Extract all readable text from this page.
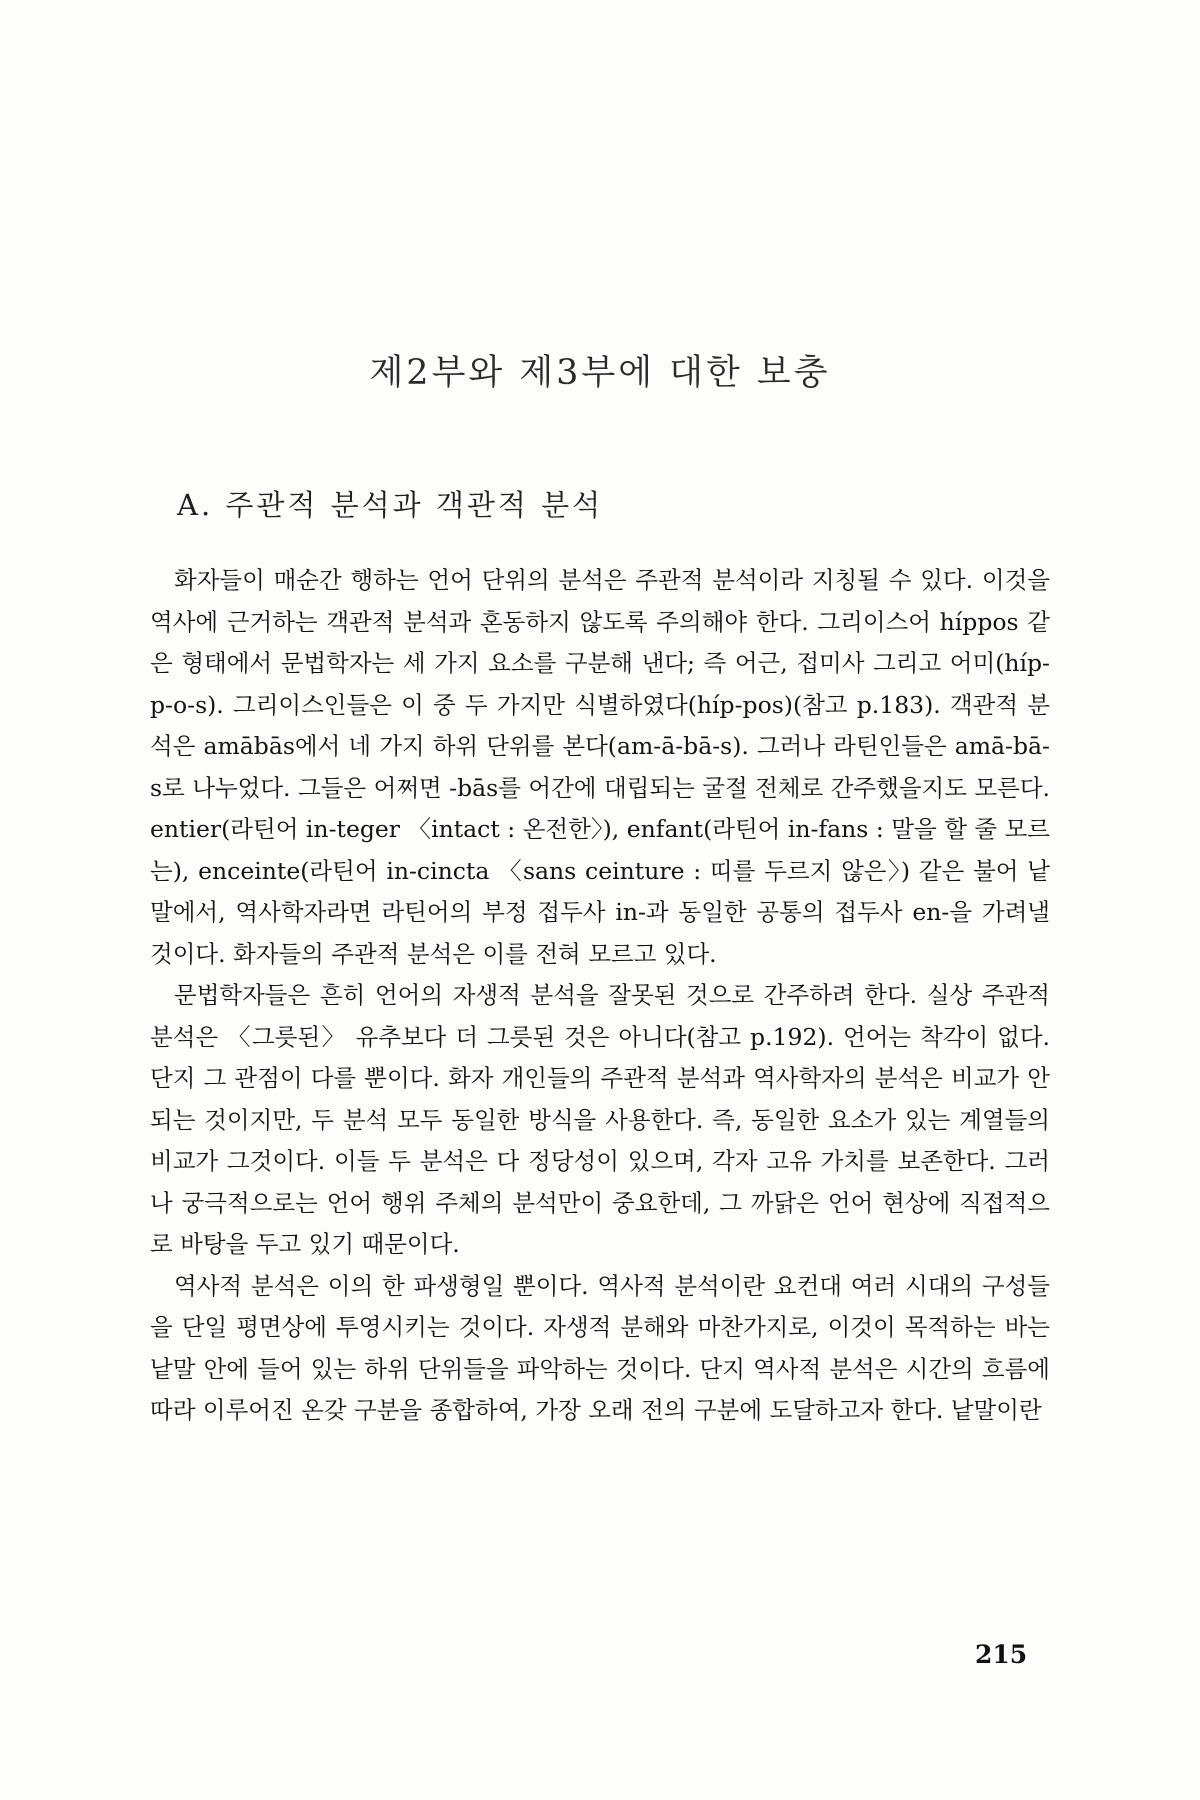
제2부와 제3부에 대한 보충
A. 주관적 분석과 객관적 분석

화자들이 매순간 행하는 언어 단위의 분석은 주관적 분석이라 지칭될 수 있다. 이것을 역사에 근거하는 객관적 분석과 혼동하지 않도록 주의해야 한다. 그리이스어 híppos 같은 형태에서 문법학자는 세 가지 요소를 구분해 낸다; 즉 어근, 접미사 그리고 어미(híp-p-o-s). 그리이스인들은 이 중 두 가지만 식별하였다(híp-pos)(참고 p.183). 객관적 분석은 amābās에서 네 가지 하위 단위를 본다(am-ā-bā-s). 그러나 라틴인들은 amā-bā-s로 나누었다. 그들은 어쩌면 -bās를 어간에 대립되는 굴절 전체로 간주했을지도 모른다. entier(라틴어 in-teger 〈intact : 온전한〉), enfant(라틴어 in-fans : 말을 할 줄 모르는), enceinte(라틴어 in-cincta 〈sans ceinture : 띠를 두르지 않은〉) 같은 불어 낱말에서, 역사학자라면 라틴어의 부정 접두사 in-과 동일한 공통의 접두사 en-을 가려낼 것이다. 화자들의 주관적 분석은 이를 전혀 모르고 있다.

문법학자들은 흔히 언어의 자생적 분석을 잘못된 것으로 간주하려 한다. 실상 주관적 분석은 〈그릇된〉 유추보다 더 그릇된 것은 아니다(참고 p.192). 언어는 착각이 없다. 단지 그 관점이 다를 뿐이다. 화자 개인들의 주관적 분석과 역사학자의 분석은 비교가 안되는 것이지만, 두 분석 모두 동일한 방식을 사용한다. 즉, 동일한 요소가 있는 계열들의 비교가 그것이다. 이들 두 분석은 다 정당성이 있으며, 각자 고유 가치를 보존한다. 그러나 궁극적으로는 언어 행위 주체의 분석만이 중요한데, 그 까닭은 언어 현상에 직접적으로 바탕을 두고 있기 때문이다.

역사적 분석은 이의 한 파생형일 뿐이다. 역사적 분석이란 요컨대 여러 시대의 구성들을 단일 평면상에 투영시키는 것이다. 자생적 분해와 마찬가지로, 이것이 목적하는 바는 낱말 안에 들어 있는 하위 단위들을 파악하는 것이다. 단지 역사적 분석은 시간의 흐름에 따라 이루어진 온갖 구분을 종합하여, 가장 오래 전의 구분에 도달하고자 한다. 낱말이란

215
